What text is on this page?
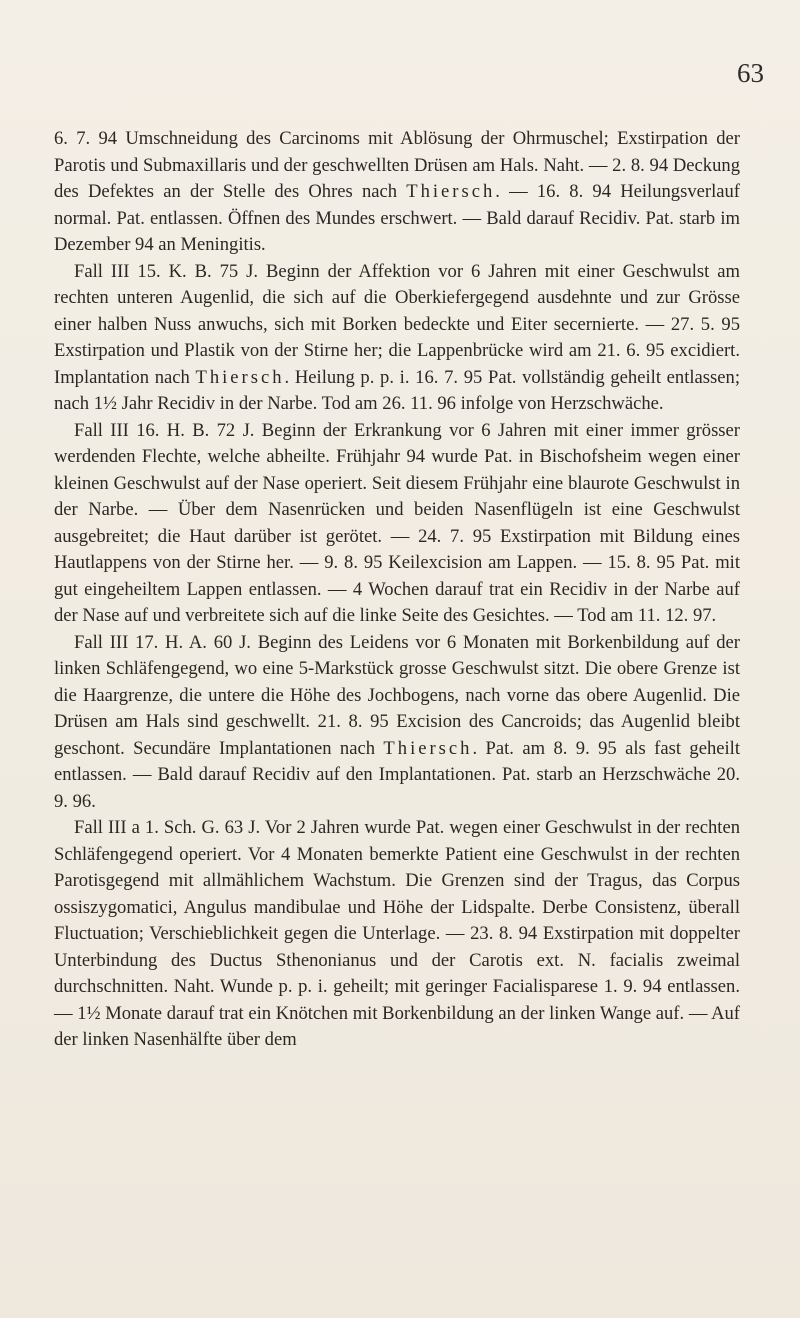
63

6. 7. 94 Umschneidung des Carcinoms mit Ablösung der Ohrmuschel; Exstirpation der Parotis und Submaxillaris und der geschwellten Drüsen am Hals. Naht. — 2. 8. 94 Deckung des Defektes an der Stelle des Ohres nach Thiersch. — 16. 8. 94 Heilungsverlauf normal. Pat. entlassen. Öffnen des Mundes erschwert. — Bald darauf Recidiv. Pat. starb im Dezember 94 an Meningitis.

Fall III 15. K. B. 75 J. Beginn der Affektion vor 6 Jahren mit einer Geschwulst am rechten unteren Augenlid, die sich auf die Oberkiefergegend ausdehnte und zur Grösse einer halben Nuss anwuchs, sich mit Borken bedeckte und Eiter secernierte. — 27. 5. 95 Exstirpation und Plastik von der Stirne her; die Lappenbrücke wird am 21. 6. 95 excidiert. Implantation nach Thiersch. Heilung p. p. i. 16. 7. 95 Pat. vollständig geheilt entlassen; nach 1½ Jahr Recidiv in der Narbe. Tod am 26. 11. 96 infolge von Herzschwäche.

Fall III 16. H. B. 72 J. Beginn der Erkrankung vor 6 Jahren mit einer immer grösser werdenden Flechte, welche abheilte. Frühjahr 94 wurde Pat. in Bischofsheim wegen einer kleinen Geschwulst auf der Nase operiert. Seit diesem Frühjahr eine blaurote Geschwulst in der Narbe. — Über dem Nasenrücken und beiden Nasenflügeln ist eine Geschwulst ausgebreitet; die Haut darüber ist gerötet. — 24. 7. 95 Exstirpation mit Bildung eines Hautlappens von der Stirne her. — 9. 8. 95 Keilexcision am Lappen. — 15. 8. 95 Pat. mit gut eingeheiltem Lappen entlassen. — 4 Wochen darauf trat ein Recidiv in der Narbe auf der Nase auf und verbreitete sich auf die linke Seite des Gesichtes. — Tod am 11. 12. 97.

Fall III 17. H. A. 60 J. Beginn des Leidens vor 6 Monaten mit Borkenbildung auf der linken Schläfengegend, wo eine 5-Markstück grosse Geschwulst sitzt. Die obere Grenze ist die Haargrenze, die untere die Höhe des Jochbogens, nach vorne das obere Augenlid. Die Drüsen am Hals sind geschwellt. 21. 8. 95 Excision des Cancroids; das Augenlid bleibt geschont. Secundäre Implantationen nach Thiersch. Pat. am 8. 9. 95 als fast geheilt entlassen. — Bald darauf Recidiv auf den Implantationen. Pat. starb an Herzschwäche 20. 9. 96.

Fall III a 1. Sch. G. 63 J. Vor 2 Jahren wurde Pat. wegen einer Geschwulst in der rechten Schläfengegend operiert. Vor 4 Monaten bemerkte Patient eine Geschwulst in der rechten Parotisgegend mit allmählichem Wachstum. Die Grenzen sind der Tragus, das Corpus ossiszygomatici, Angulus mandibulae und Höhe der Lidspalte. Derbe Consistenz, überall Fluctuation; Verschieblichkeit gegen die Unterlage. — 23. 8. 94 Exstirpation mit doppelter Unterbindung des Ductus Sthenonianus und der Carotis ext. N. facialis zweimal durchschnitten. Naht. Wunde p. p. i. geheilt; mit geringer Facialisparese 1. 9. 94 entlassen. — 1½ Monate darauf trat ein Knötchen mit Borkenbildung an der linken Wange auf. — Auf der linken Nasenhälfte über dem
